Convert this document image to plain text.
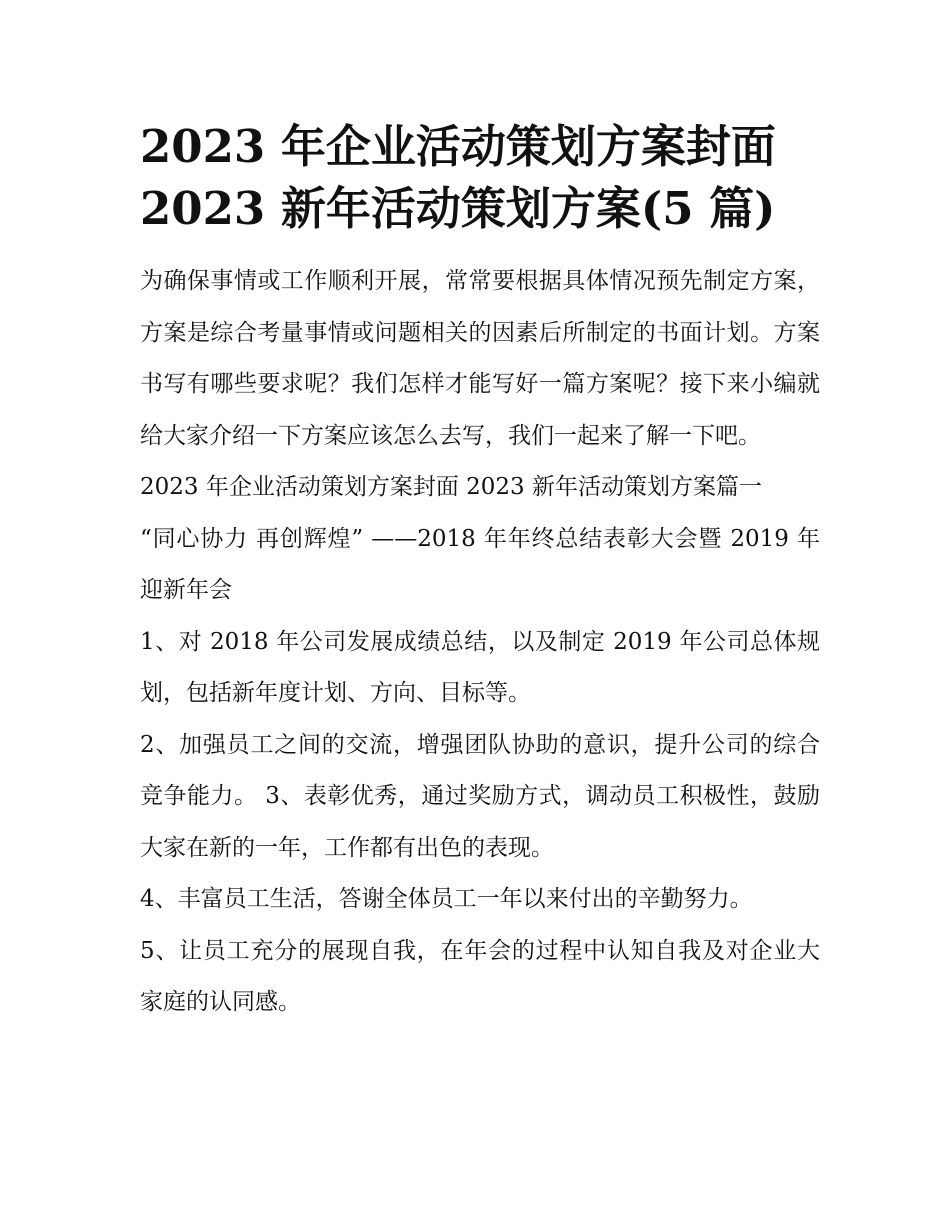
2023 年企业活动策划方案封面
2023 新年活动策划方案(5 篇)

为确保事情或工作顺利开展，常常要根据具体情况预先制定方案，方案是综合考量事情或问题相关的因素后所制定的书面计划。方案书写有哪些要求呢？我们怎样才能写好一篇方案呢？接下来小编就给大家介绍一下方案应该怎么去写，我们一起来了解一下吧。

2023 年企业活动策划方案封面 2023 新年活动策划方案篇一

“同心协力 再创辉煌” ——2018 年年终总结表彰大会暨 2019 年迎新年会

1、对 2018 年公司发展成绩总结，以及制定 2019 年公司总体规划，包括新年度计划、方向、目标等。

2、加强员工之间的交流，增强团队协助的意识，提升公司的综合竞争能力。 3、表彰优秀，通过奖励方式，调动员工积极性，鼓励大家在新的一年，工作都有出色的表现。

4、丰富员工生活，答谢全体员工一年以来付出的辛勤努力。

5、让员工充分的展现自我，在年会的过程中认知自我及对企业大家庭的认同感。
